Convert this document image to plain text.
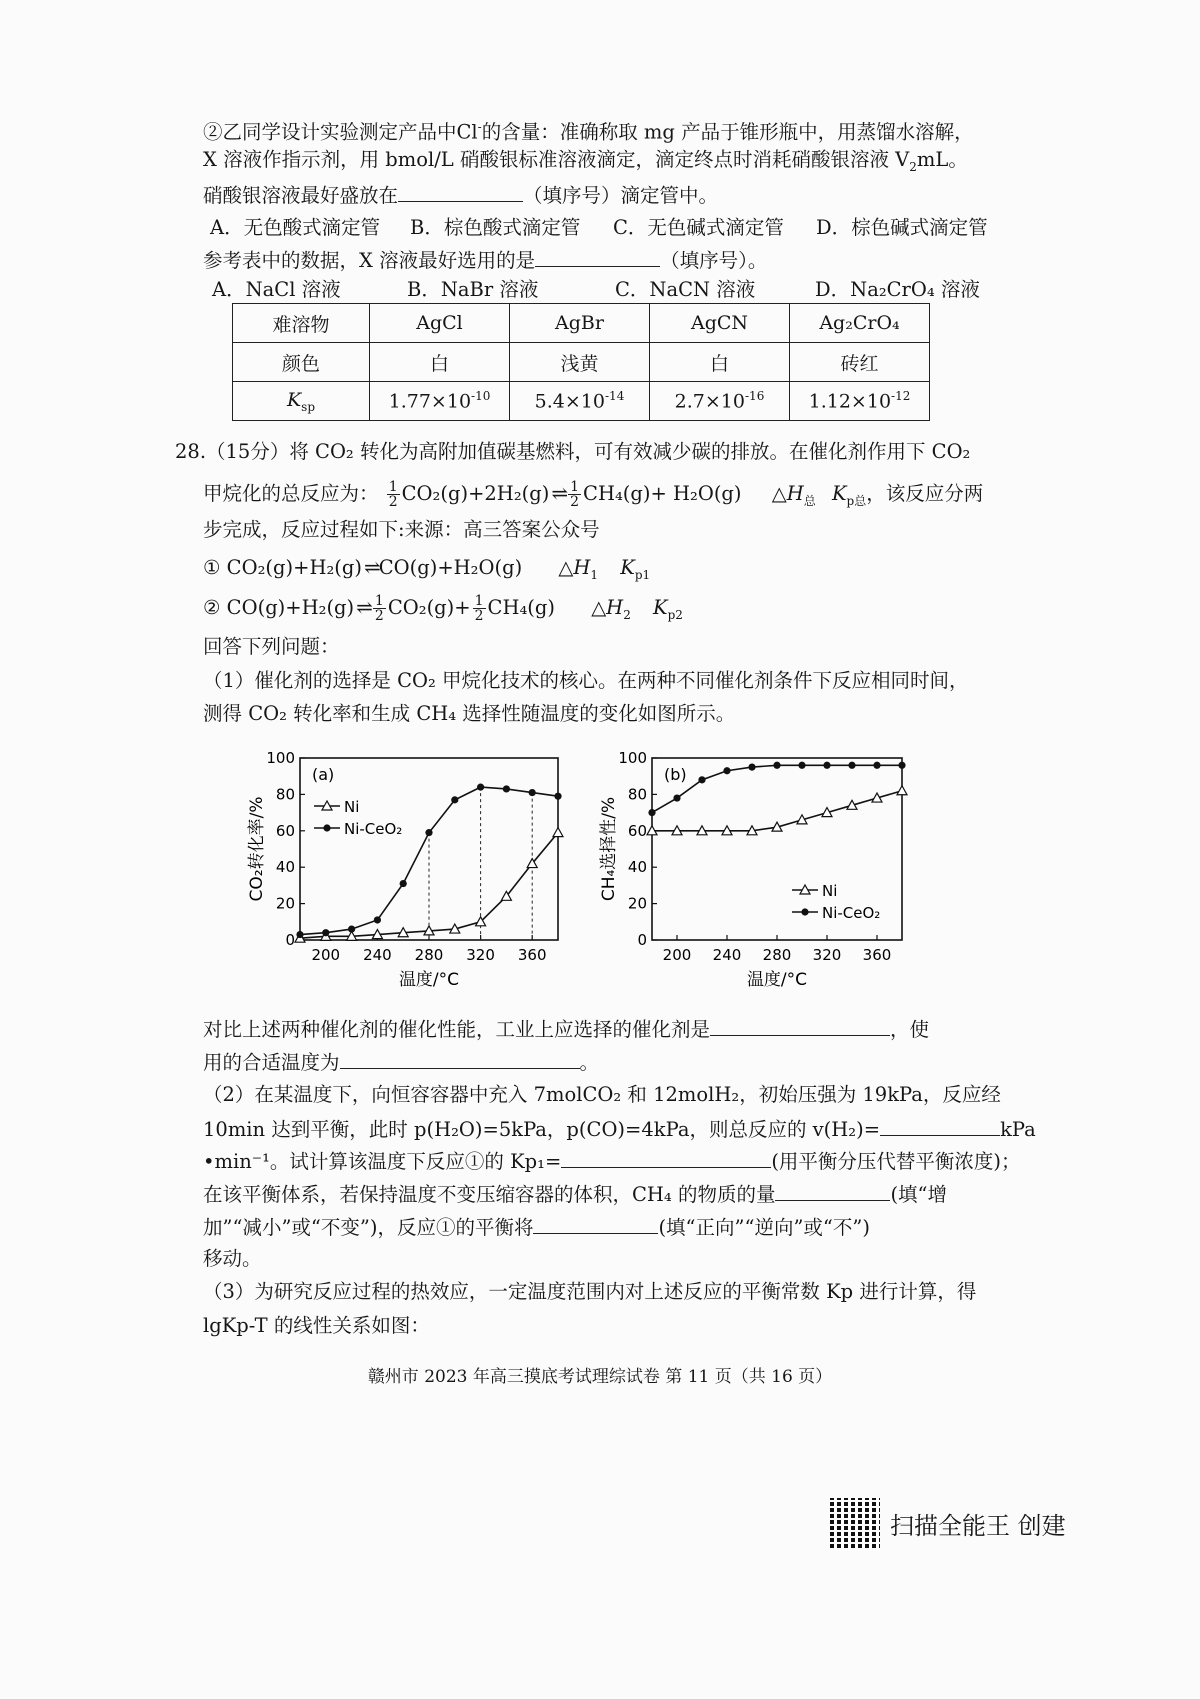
②乙同学设计实验测定产品中Cl-的含量：准确称取 mg 产品于锥形瓶中，用蒸馏水溶解，
X 溶液作指示剂，用 bmol/L 硝酸银标准溶液滴定，滴定终点时消耗硝酸银溶液 $V_2mL$。
硝酸银溶液最好盛放在	（填序号）滴定管中。
A．无色酸式滴定管	B．棕色酸式滴定管	C．无色碱式滴定管	D．棕色碱式滴定管
参考表中的数据，X 溶液最好选用的是	（填序号）。
A．NaCl 溶液	B．NaBr 溶液	C．NaCN 溶液	D．Na₂CrO₄ 溶液
难溶物	AgCl	AgBr	AgCN	Ag₂CrO₄
颜色	白	浅黄	白	砖红
$K_{sp}$	$1.77\times 10^{-10}$	$5.4\times 10^{-14}$	$2.7\times 10^{-16}$	$1.12\times 10^{-12}$
28.（15分）将 CO₂ 转化为高附加值碳基燃料，可有效减少碳的排放。在催化剂作用下 CO₂
甲烷化的总反应为： $\frac{1}{2} CO_2(g)+2H_2(g)$ ⇌ $\frac{1}{2} CH_4(g)+ H_2O(g)$ $\triangle H_总$ $K_{p总}$，该反应分两
步完成，反应过程如下:来源：高三答案公众号
① CO₂(g)+H₂(g) ⇌ CO(g)+H₂O(g) $\triangle H_1$ $K_{p1}$
② CO(g)+H₂(g) ⇌ $\frac{1}{2} CO_2(g)+ \frac{1}{2} CH_4(g)$ $\triangle H_2$ $K_{p2}$
回答下列问题：
（1）催化剂的选择是 CO₂ 甲烷化技术的核心。在两种不同催化剂条件下反应相同时间，
测得 CO₂ 转化率和生成 CH₄ 选择性随温度的变化如图所示。
0
20
40
60
80
100
200 240 280 320 360
温度/°C
CO₂转化率/%
(a)
Ni
Ni-CeO₂
0
20
40
60
80
100
200 240 280 320 360
温度/°C
CH₄选择性/%
(b)
Ni
Ni-CeO₂
对比上述两种催化剂的催化性能，工业上应选择的催化剂是	，使
用的合适温度为	。
（2）在某温度下，向恒容容器中充入 7molCO₂ 和 12molH₂，初始压强为 19kPa，反应经
10min 达到平衡，此时 p(H₂O)=5kPa，p(CO)=4kPa，则总反应的 v(H₂)=	kPa
•min⁻¹。试计算该温度下反应①的 Kp₁=	(用平衡分压代替平衡浓度)；
在该平衡体系，若保持温度不变压缩容器的体积，CH₄ 的物质的量	(填“增
加”“减小”或“不变”)，反应①的平衡将	(填“正向”“逆向”或“不”)
移动。
（3）为研究反应过程的热效应，一定温度范围内对上述反应的平衡常数 Kp 进行计算，得
lgKp-T 的线性关系如图：
赣州市 2023 年高三摸底考试理综试卷 第 11 页（共 16 页）
扫描全能王 创建
